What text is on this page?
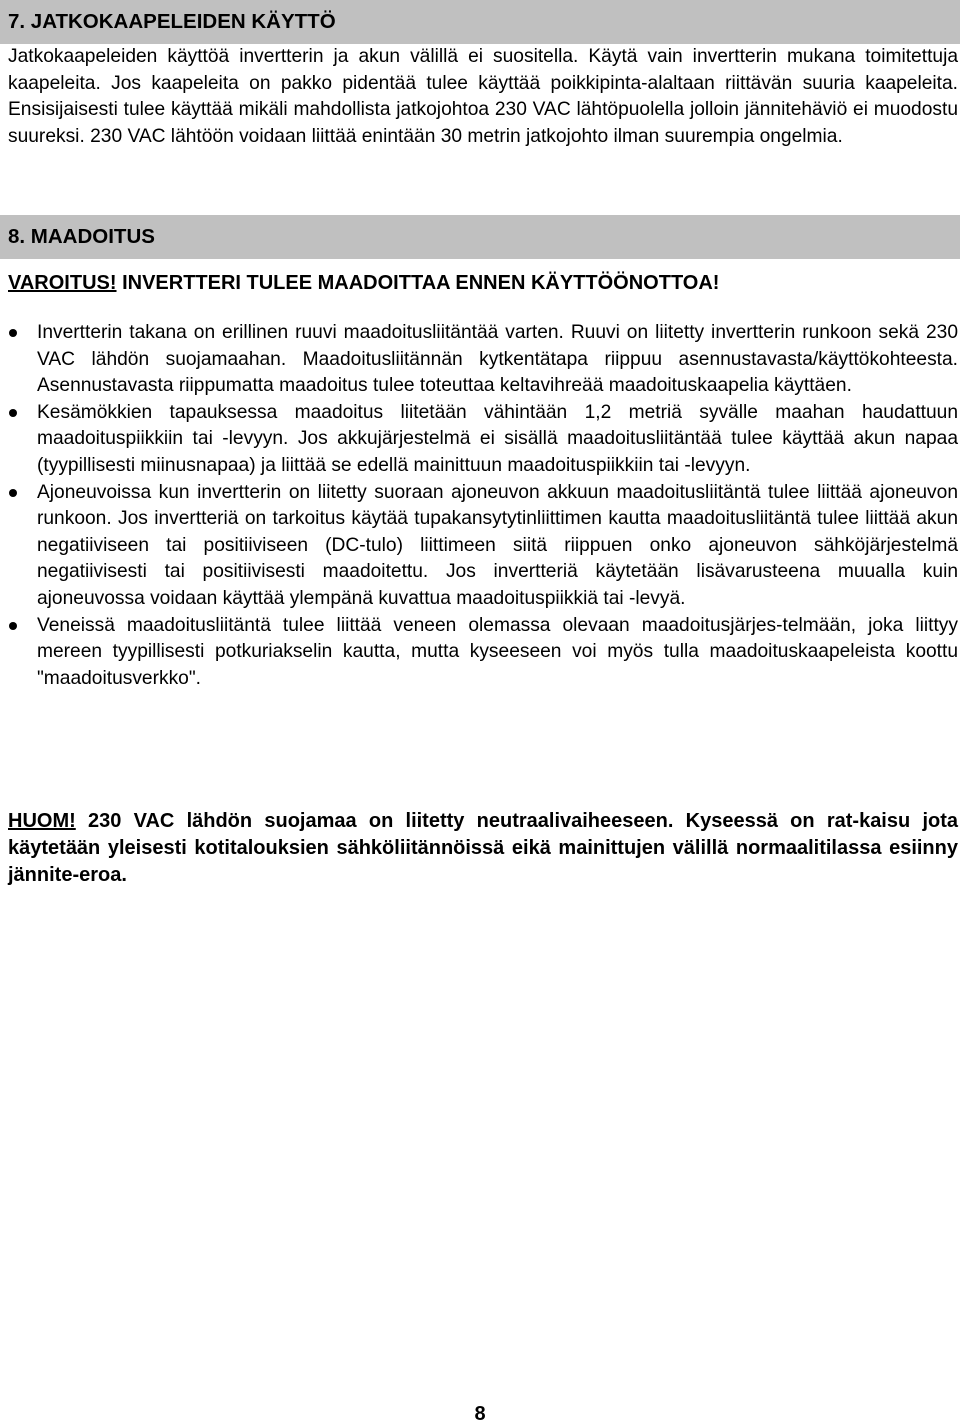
7. JATKOKAAPELEIDEN KÄYTTÖ
Jatkokaapeleiden käyttöä invertterin ja akun välillä ei suositella. Käytä vain invertterin mukana toimitettuja kaapeleita. Jos kaapeleita on pakko pidentää tulee käyttää poikkipinta-alaltaan riittävän suuria kaapeleita. Ensisijaisesti tulee käyttää mikäli mahdollista jatkojohtoa 230 VAC lähtöpuolella jolloin jännitehäviö ei muodostu suureksi. 230 VAC lähtöön voidaan liittää enintään 30 metrin jatkojohto ilman suurempia ongelmia.
8. MAADOITUS
VAROITUS! INVERTTERI TULEE MAADOITTAA ENNEN KÄYTTÖÖNOTTOA!
Invertterin takana on erillinen ruuvi maadoitusliitäntää varten. Ruuvi on liitetty invertterin runkoon sekä 230 VAC lähdön suojamaahan. Maadoitusliitännän kytkentätapa riippuu asennustavasta/käyttökohteesta. Asennustavasta riippumatta maadoitus tulee toteuttaa keltavihreää maadoituskaapelia käyttäen.
Kesämökkien tapauksessa maadoitus liitetään vähintään 1,2 metriä syvälle maahan haudattuun maadoituspiikkiin tai -levyyn. Jos akkujärjestelmä ei sisällä maadoitusliitäntää tulee käyttää akun napaa (tyypillisesti miinusnapaa) ja liittää se edellä mainittuun maadoituspiikkiin tai -levyyn.
Ajoneuvoissa kun invertterin on liitetty suoraan ajoneuvon akkuun maadoitusliitäntä tulee liittää ajoneuvon runkoon. Jos invertteriä on tarkoitus käytää tupakansytytinliittimen kautta maadoitusliitäntä tulee liittää akun negatiiviseen tai positiiviseen (DC-tulo) liittimeen siitä riippuen onko ajoneuvon sähköjärjestelmä negatiivisesti tai positiivisesti maadoitettu. Jos invertteriä käytetään lisävarusteena muualla kuin ajoneuvossa voidaan käyttää ylempänä kuvattua maadoituspiikkiä tai -levyä.
Veneissä maadoitusliitäntä tulee liittää veneen olemassa olevaan maadoitusjärjes-telmään, joka liittyy mereen tyypillisesti potkuriakselin kautta, mutta kyseeseen voi myös tulla maadoituskaapeleista koottu "maadoitusverkko".
HUOM! 230 VAC lähdön suojamaa on liitetty neutraalivaiheeseen. Kyseessä on rat-kaisu jota käytetään yleisesti kotitalouksien sähköliitännöissä eikä mainittujen välillä normaalitilassa esiinny jännite-eroa.
8
